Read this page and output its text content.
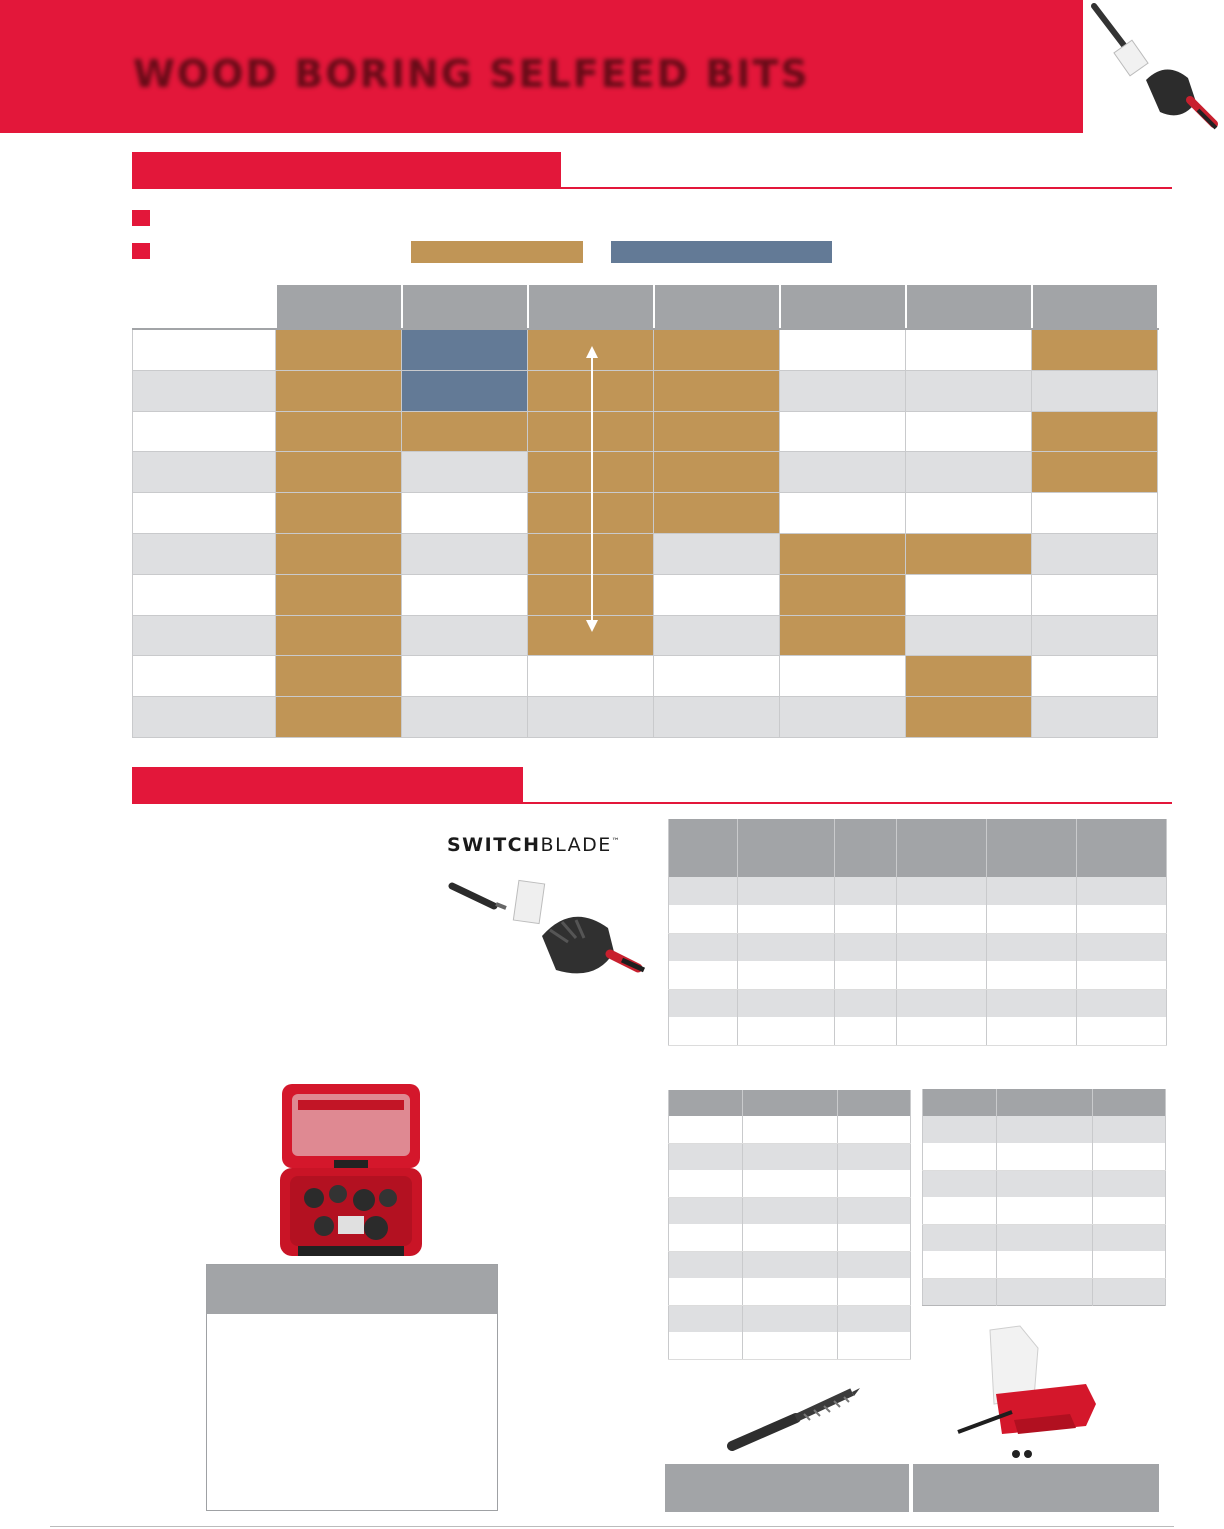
WOOD BORING SELFEED BITS
SWITCHBLADE™
